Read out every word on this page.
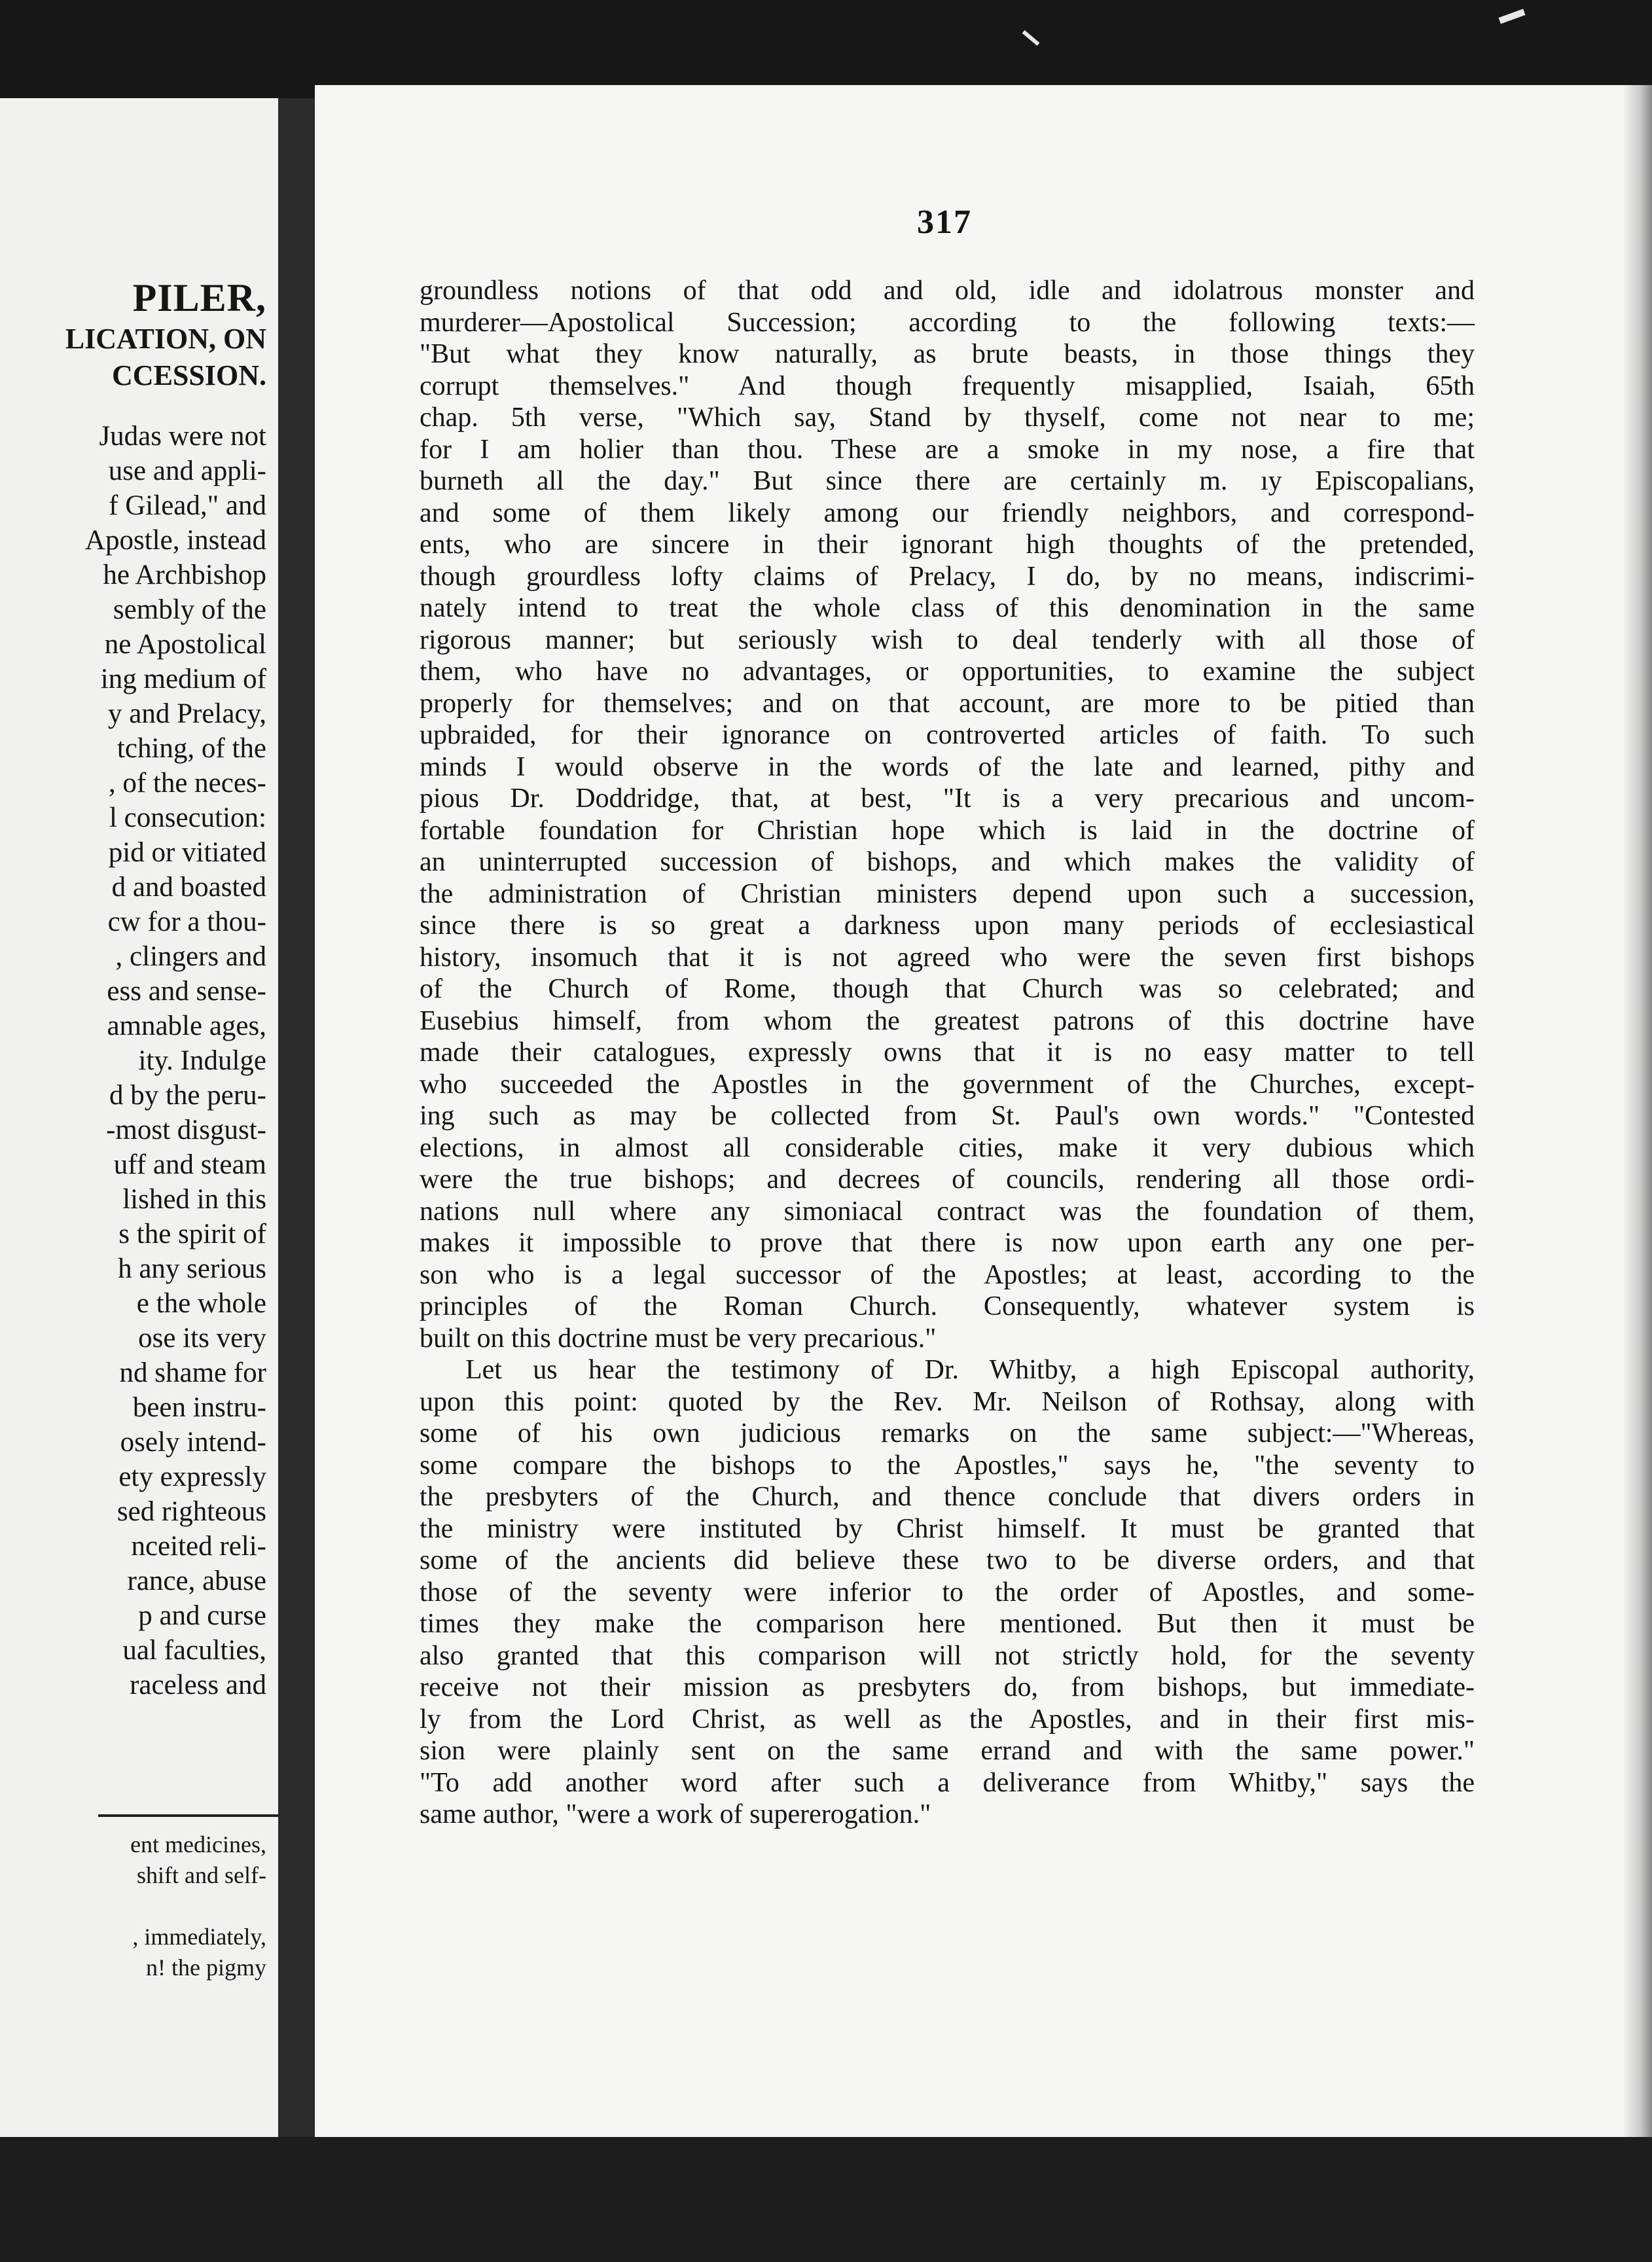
PILER,
LICATION, ON
CCESSION.
Judas were not
use and appli-
f Gilead," and
Apostle, instead
he Archbishop
sembly of the
ne Apostolical
ing medium of
y and Prelacy,
tching, of the
, of the neces-
l consecution:
pid or vitiated
d and boasted
cw for a thou-
, clingers and
ess and sense-
amnable ages,
ity. Indulge
d by the peru-
-most disgust-
uff and steam
lished in this
s the spirit of
h any serious
e the whole
ose its very
nd shame for
been instru-
osely intend-
ety expressly
sed righteous
nceited reli-
rance, abuse
p and curse
ual faculties,
raceless and
ent medicines,
shift and self-
, immediately,
n! the pigmy
317
groundless notions of that odd and old, idle and idolatrous monster and
murderer—Apostolical Succession; according to the following texts:—
"But what they know naturally, as brute beasts, in those things they
corrupt themselves." And though frequently misapplied, Isaiah, 65th
chap. 5th verse, "Which say, Stand by thyself, come not near to me;
for I am holier than thou. These are a smoke in my nose, a fire that
burneth all the day." But since there are certainly m. ıy Episcopalians,
and some of them likely among our friendly neighbors, and correspond-
ents, who are sincere in their ignorant high thoughts of the pretended,
though grourdless lofty claims of Prelacy, I do, by no means, indiscrimi-
nately intend to treat the whole class of this denomination in the same
rigorous manner; but seriously wish to deal tenderly with all those of
them, who have no advantages, or opportunities, to examine the subject
properly for themselves; and on that account, are more to be pitied than
upbraided, for their ignorance on controverted articles of faith. To such
minds I would observe in the words of the late and learned, pithy and
pious Dr. Doddridge, that, at best, "It is a very precarious and uncom-
fortable foundation for Christian hope which is laid in the doctrine of
an uninterrupted succession of bishops, and which makes the validity of
the administration of Christian ministers depend upon such a succession,
since there is so great a darkness upon many periods of ecclesiastical
history, insomuch that it is not agreed who were the seven first bishops
of the Church of Rome, though that Church was so celebrated; and
Eusebius himself, from whom the greatest patrons of this doctrine have
made their catalogues, expressly owns that it is no easy matter to tell
who succeeded the Apostles in the government of the Churches, except-
ing such as may be collected from St. Paul's own words." "Contested
elections, in almost all considerable cities, make it very dubious which
were the true bishops; and decrees of councils, rendering all those ordi-
nations null where any simoniacal contract was the foundation of them,
makes it impossible to prove that there is now upon earth any one per-
son who is a legal successor of the Apostles; at least, according to the
principles of the Roman Church. Consequently, whatever system is
built on this doctrine must be very precarious."
Let us hear the testimony of Dr. Whitby, a high Episcopal authority,
upon this point: quoted by the Rev. Mr. Neilson of Rothsay, along with
some of his own judicious remarks on the same subject:—"Whereas,
some compare the bishops to the Apostles," says he, "the seventy to
the presbyters of the Church, and thence conclude that divers orders in
the ministry were instituted by Christ himself. It must be granted that
some of the ancients did believe these two to be diverse orders, and that
those of the seventy were inferior to the order of Apostles, and some-
times they make the comparison here mentioned. But then it must be
also granted that this comparison will not strictly hold, for the seventy
receive not their mission as presbyters do, from bishops, but immediate-
ly from the Lord Christ, as well as the Apostles, and in their first mis-
sion were plainly sent on the same errand and with the same power."
"To add another word after such a deliverance from Whitby," says the
same author, "were a work of supererogation."
